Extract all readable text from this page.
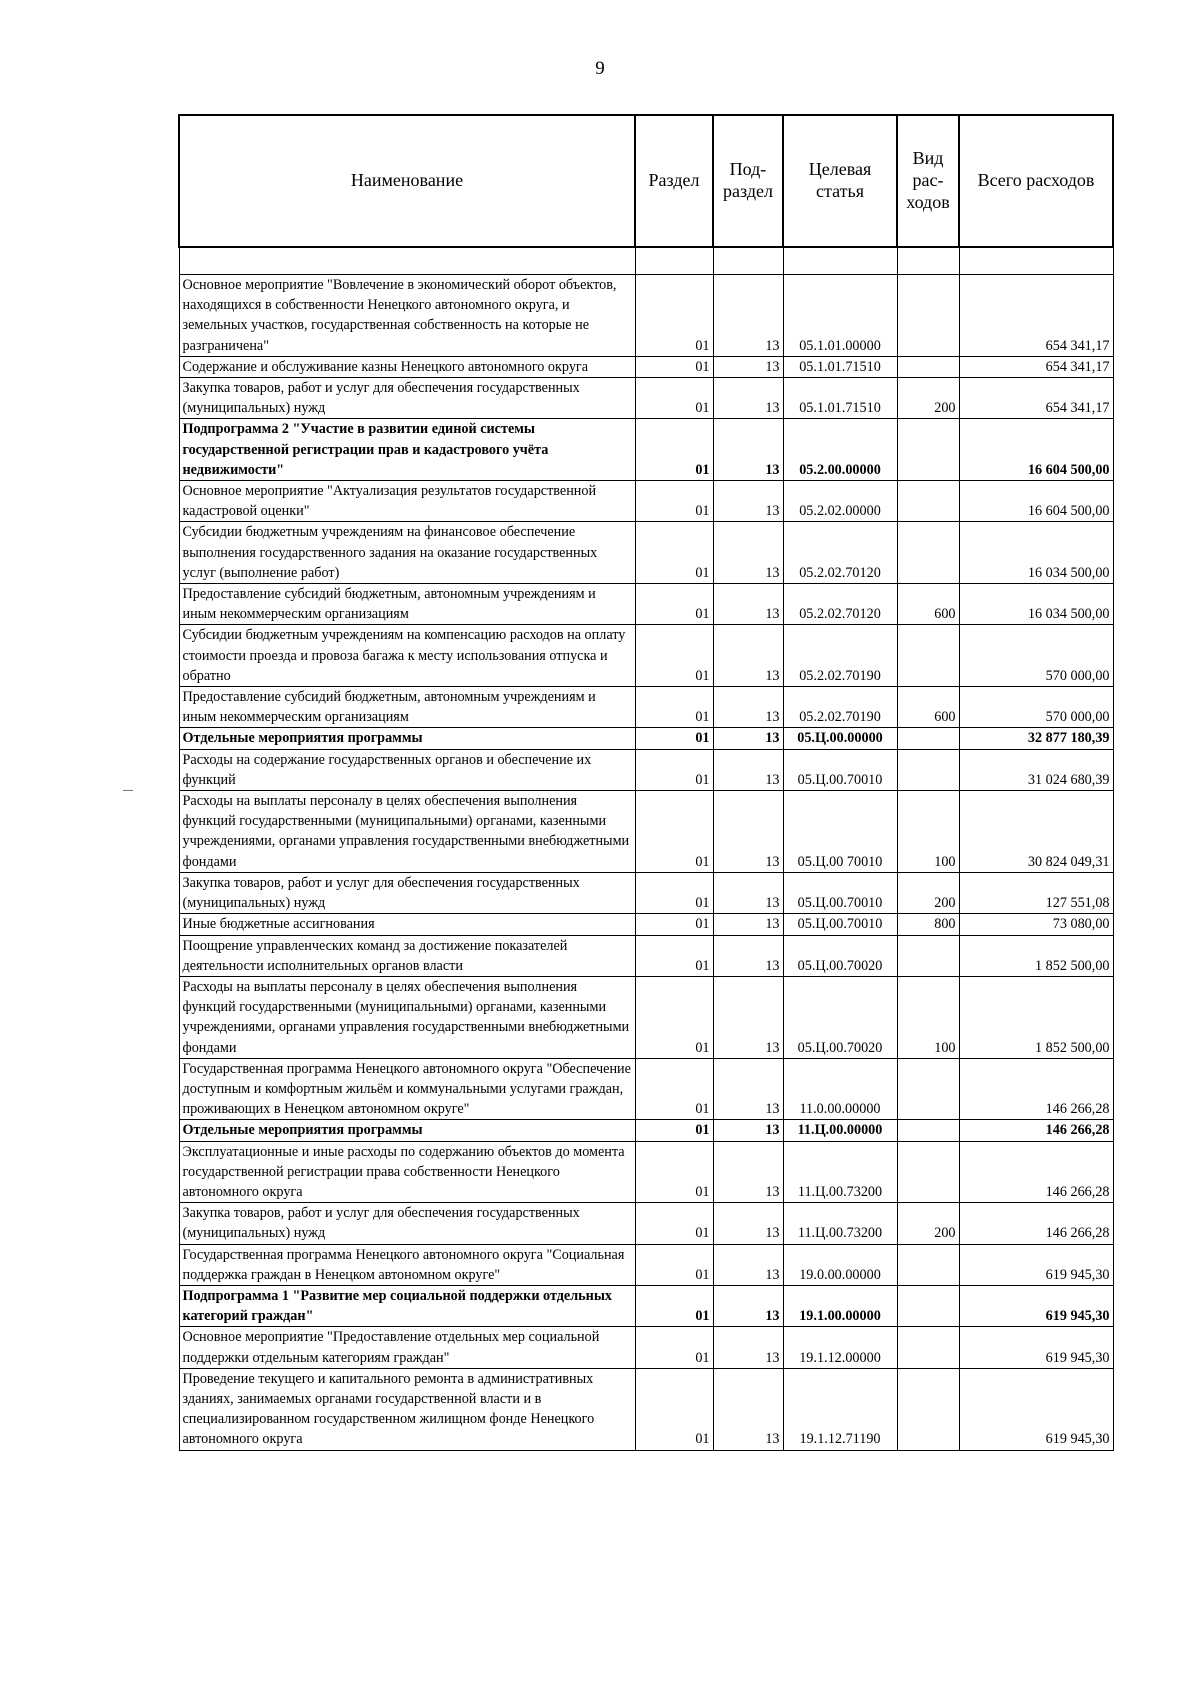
9
Наименование	Раздел	Под- раздел	Целевая статья	Вид рас- ходов	Всего расходов

Основное мероприятие "Вовлечение в экономический оборот объектов, находящихся в собственности Ненецкого автономного округа, и земельных участков, государственная собственность на которые не разграничена"	01	13	05.1.01.00000		654 341,17
Содержание и обслуживание казны Ненецкого автономного округа	01	13	05.1.01.71510		654 341,17
Закупка товаров, работ и услуг для обеспечения государственных (муниципальных) нужд	01	13	05.1.01.71510	200	654 341,17
Подпрограмма 2 "Участие в развитии единой системы государственной регистрации прав и кадастрового учёта недвижимости"	01	13	05.2.00.00000		16 604 500,00
Основное мероприятие "Актуализация результатов государственной кадастровой оценки"	01	13	05.2.02.00000		16 604 500,00
Субсидии бюджетным учреждениям на финансовое обеспечение выполнения государственного задания на оказание государственных услуг (выполнение работ)	01	13	05.2.02.70120		16 034 500,00
Предоставление субсидий бюджетным, автономным учреждениям и иным некоммерческим организациям	01	13	05.2.02.70120	600	16 034 500,00
Субсидии бюджетным учреждениям на компенсацию расходов на оплату стоимости проезда и провоза багажа к месту использования отпуска и обратно	01	13	05.2.02.70190		570 000,00
Предоставление субсидий бюджетным, автономным учреждениям и иным некоммерческим организациям	01	13	05.2.02.70190	600	570 000,00
Отдельные мероприятия программы	01	13	05.Ц.00.00000		32 877 180,39
Расходы на содержание государственных органов и обеспечение их функций	01	13	05.Ц.00.70010		31 024 680,39
Расходы на выплаты персоналу в целях обеспечения выполнения функций государственными (муниципальными) органами, казенными учреждениями, органами управления государственными внебюджетными фондами	01	13	05.Ц.00 70010	100	30 824 049,31
Закупка товаров, работ и услуг для обеспечения государственных (муниципальных) нужд	01	13	05.Ц.00.70010	200	127 551,08
Иные бюджетные ассигнования	01	13	05.Ц.00.70010	800	73 080,00
Поощрение управленческих команд за достижение показателей деятельности исполнительных органов власти	01	13	05.Ц.00.70020		1 852 500,00
Расходы на выплаты персоналу в целях обеспечения выполнения функций государственными (муниципальными) органами, казенными учреждениями, органами управления государственными внебюджетными фондами	01	13	05.Ц.00.70020	100	1 852 500,00
Государственная программа Ненецкого автономного округа "Обеспечение доступным и комфортным жильём и коммунальными услугами граждан, проживающих в Ненецком автономном округе"	01	13	11.0.00.00000		146 266,28
Отдельные мероприятия программы	01	13	11.Ц.00.00000		146 266,28
Эксплуатационные и иные расходы по содержанию объектов до момента государственной регистрации права собственности Ненецкого автономного округа	01	13	11.Ц.00.73200		146 266,28
Закупка товаров, работ и услуг для обеспечения государственных (муниципальных) нужд	01	13	11.Ц.00.73200	200	146 266,28
Государственная программа Ненецкого автономного округа "Социальная поддержка граждан в Ненецком автономном округе"	01	13	19.0.00.00000		619 945,30
Подпрограмма 1 "Развитие мер социальной поддержки отдельных категорий граждан"	01	13	19.1.00.00000		619 945,30
Основное мероприятие "Предоставление отдельных мер социальной поддержки отдельным категориям граждан"	01	13	19.1.12.00000		619 945,30
Проведение текущего и капитального ремонта в административных зданиях, занимаемых органами государственной власти и в специализированном государственном жилищном фонде Ненецкого автономного округа	01	13	19.1.12.71190		619 945,30
